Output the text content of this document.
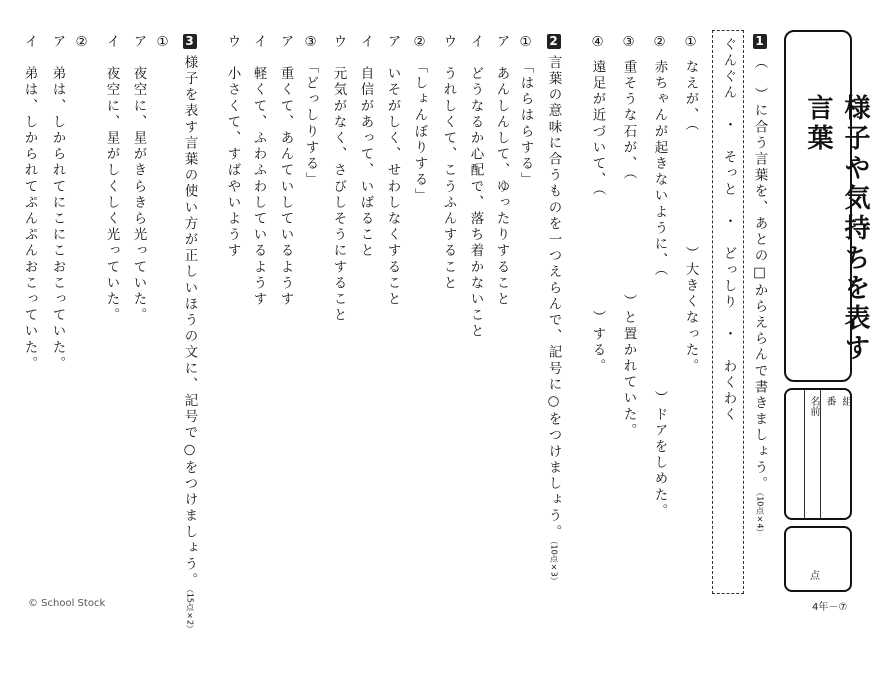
様子や気持ちを表す言葉
名前 番 組
点
1（　）に合う言葉を、あとの□からえらんで書きましょう。（10点×4）
ぐんぐん　・　そっと　・　どっしり　・　わくわく
① なえが、（　　　　　　　）大きくなった。
② 赤ちゃんが起きないように、（　　　　　　　）ドアをしめた。
③ 重そうな石が、（　　　　　　　）と置かれていた。
④ 遠足が近づいて、（　　　　　　　）する。
2言葉の意味に合うものを一つえらんで、記号に○をつけましょう。（10点×3）
① 「はらはらする」
ア　あんしんして、ゆったりすること
イ　どうなるか心配で、落ち着かないこと
ウ　うれしくて、こうふんすること
② 「しょんぼりする」
ア　いそがしく、せわしなくすること
イ　自信があって、いばること
ウ　元気がなく、さびしそうにすること
③ 「どっしりする」
ア　重くて、あんていしているようす
イ　軽くて、ふわふわしているようす
ウ　小さくて、すばやいようす
3様子を表す言葉の使い方が正しいほうの文に、記号で○をつけましょう。（15点×2）
①
ア　夜空に、星がきらきら光っていた。
イ　夜空に、星がしくしく光っていた。
②
ア　弟は、しかられてにこにこおこっていた。
イ　弟は、しかられてぷんぷんおこっていた。
© School Stock	4年－⑦
